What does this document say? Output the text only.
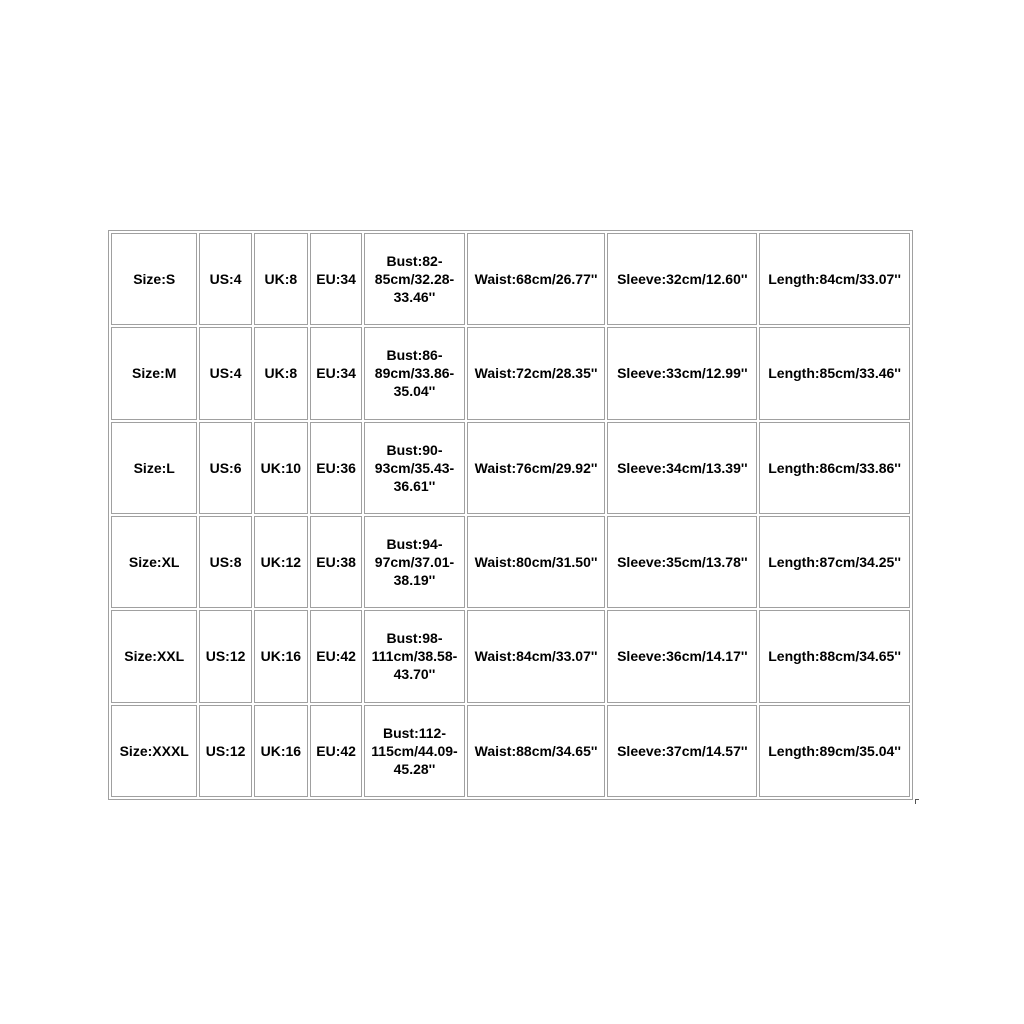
Size:S	US:4	UK:8	EU:34	Bust:82-85cm/32.28-33.46''	Waist:68cm/26.77''	Sleeve:32cm/12.60''	Length:84cm/33.07''
Size:M	US:4	UK:8	EU:34	Bust:86-89cm/33.86-35.04''	Waist:72cm/28.35''	Sleeve:33cm/12.99''	Length:85cm/33.46''
Size:L	US:6	UK:10	EU:36	Bust:90-93cm/35.43-36.61''	Waist:76cm/29.92''	Sleeve:34cm/13.39''	Length:86cm/33.86''
Size:XL	US:8	UK:12	EU:38	Bust:94-97cm/37.01-38.19''	Waist:80cm/31.50''	Sleeve:35cm/13.78''	Length:87cm/34.25''
Size:XXL	US:12	UK:16	EU:42	Bust:98-111cm/38.58-43.70''	Waist:84cm/33.07''	Sleeve:36cm/14.17''	Length:88cm/34.65''
Size:XXXL	US:12	UK:16	EU:42	Bust:112-115cm/44.09-45.28''	Waist:88cm/34.65''	Sleeve:37cm/14.57''	Length:89cm/35.04''
